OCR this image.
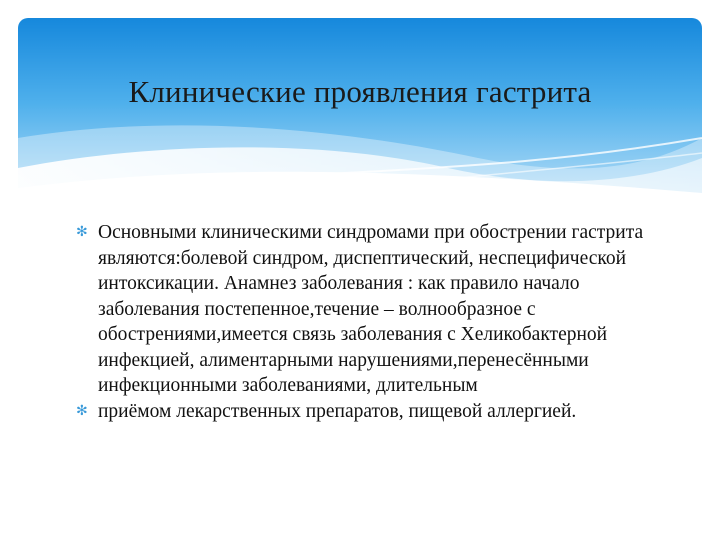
Клинические проявления гастрита
✻ Основными клиническими синдромами при обострении гастрита являются:болевой синдром, диспептический, неспецифической интоксикации. Анамнез заболевания : как правило начало заболевания постепенное,течение – волнообразное с обострениями,имеется связь заболевания с Хеликобактерной инфекцией, алиментарными нарушениями,перенесёнными инфекционными заболеваниями, длительным
✻ приёмом лекарственных препаратов, пищевой аллергией.
